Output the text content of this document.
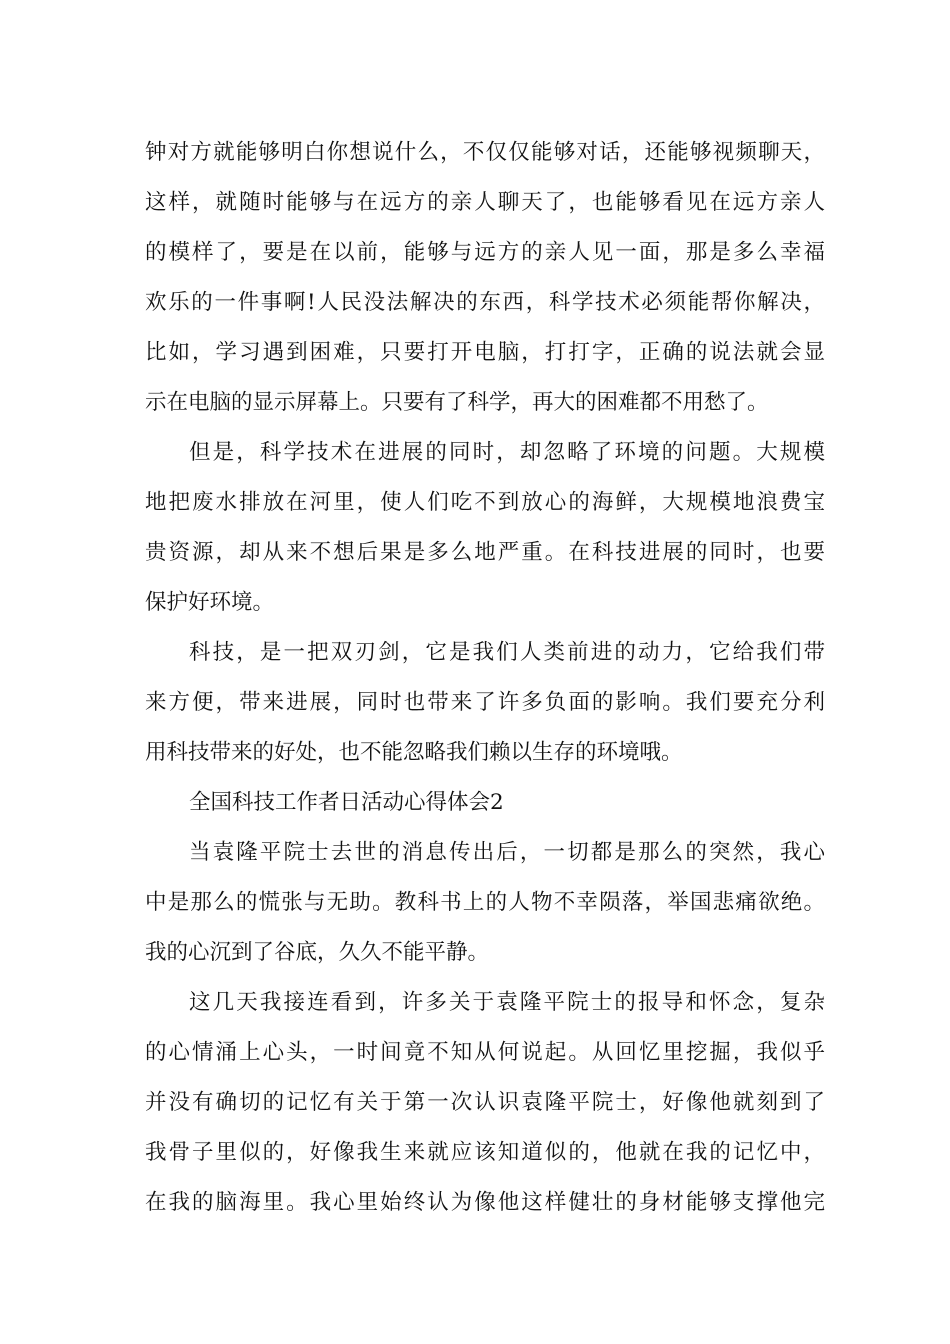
钟对方就能够明白你想说什么，不仅仅能够对话，还能够视频聊天，
这样，就随时能够与在远方的亲人聊天了，也能够看见在远方亲人
的模样了，要是在以前，能够与远方的亲人见一面，那是多么幸福
欢乐的一件事啊!人民没法解决的东西，科学技术必须能帮你解决，
比如，学习遇到困难，只要打开电脑，打打字，正确的说法就会显
示在电脑的显示屏幕上。只要有了科学，再大的困难都不用愁了。
但是，科学技术在进展的同时，却忽略了环境的问题。大规模
地把废水排放在河里，使人们吃不到放心的海鲜，大规模地浪费宝
贵资源，却从来不想后果是多么地严重。在科技进展的同时，也要
保护好环境。
科技，是一把双刃剑，它是我们人类前进的动力，它给我们带
来方便，带来进展，同时也带来了许多负面的影响。我们要充分利
用科技带来的好处，也不能忽略我们赖以生存的环境哦。
全国科技工作者日活动心得体会2
当袁隆平院士去世的消息传出后，一切都是那么的突然，我心
中是那么的慌张与无助。教科书上的人物不幸陨落，举国悲痛欲绝。
我的心沉到了谷底，久久不能平静。
这几天我接连看到，许多关于袁隆平院士的报导和怀念，复杂
的心情涌上心头，一时间竟不知从何说起。从回忆里挖掘，我似乎
并没有确切的记忆有关于第一次认识袁隆平院士，好像他就刻到了
我骨子里似的，好像我生来就应该知道似的，他就在我的记忆中，
在我的脑海里。我心里始终认为像他这样健壮的身材能够支撑他完
